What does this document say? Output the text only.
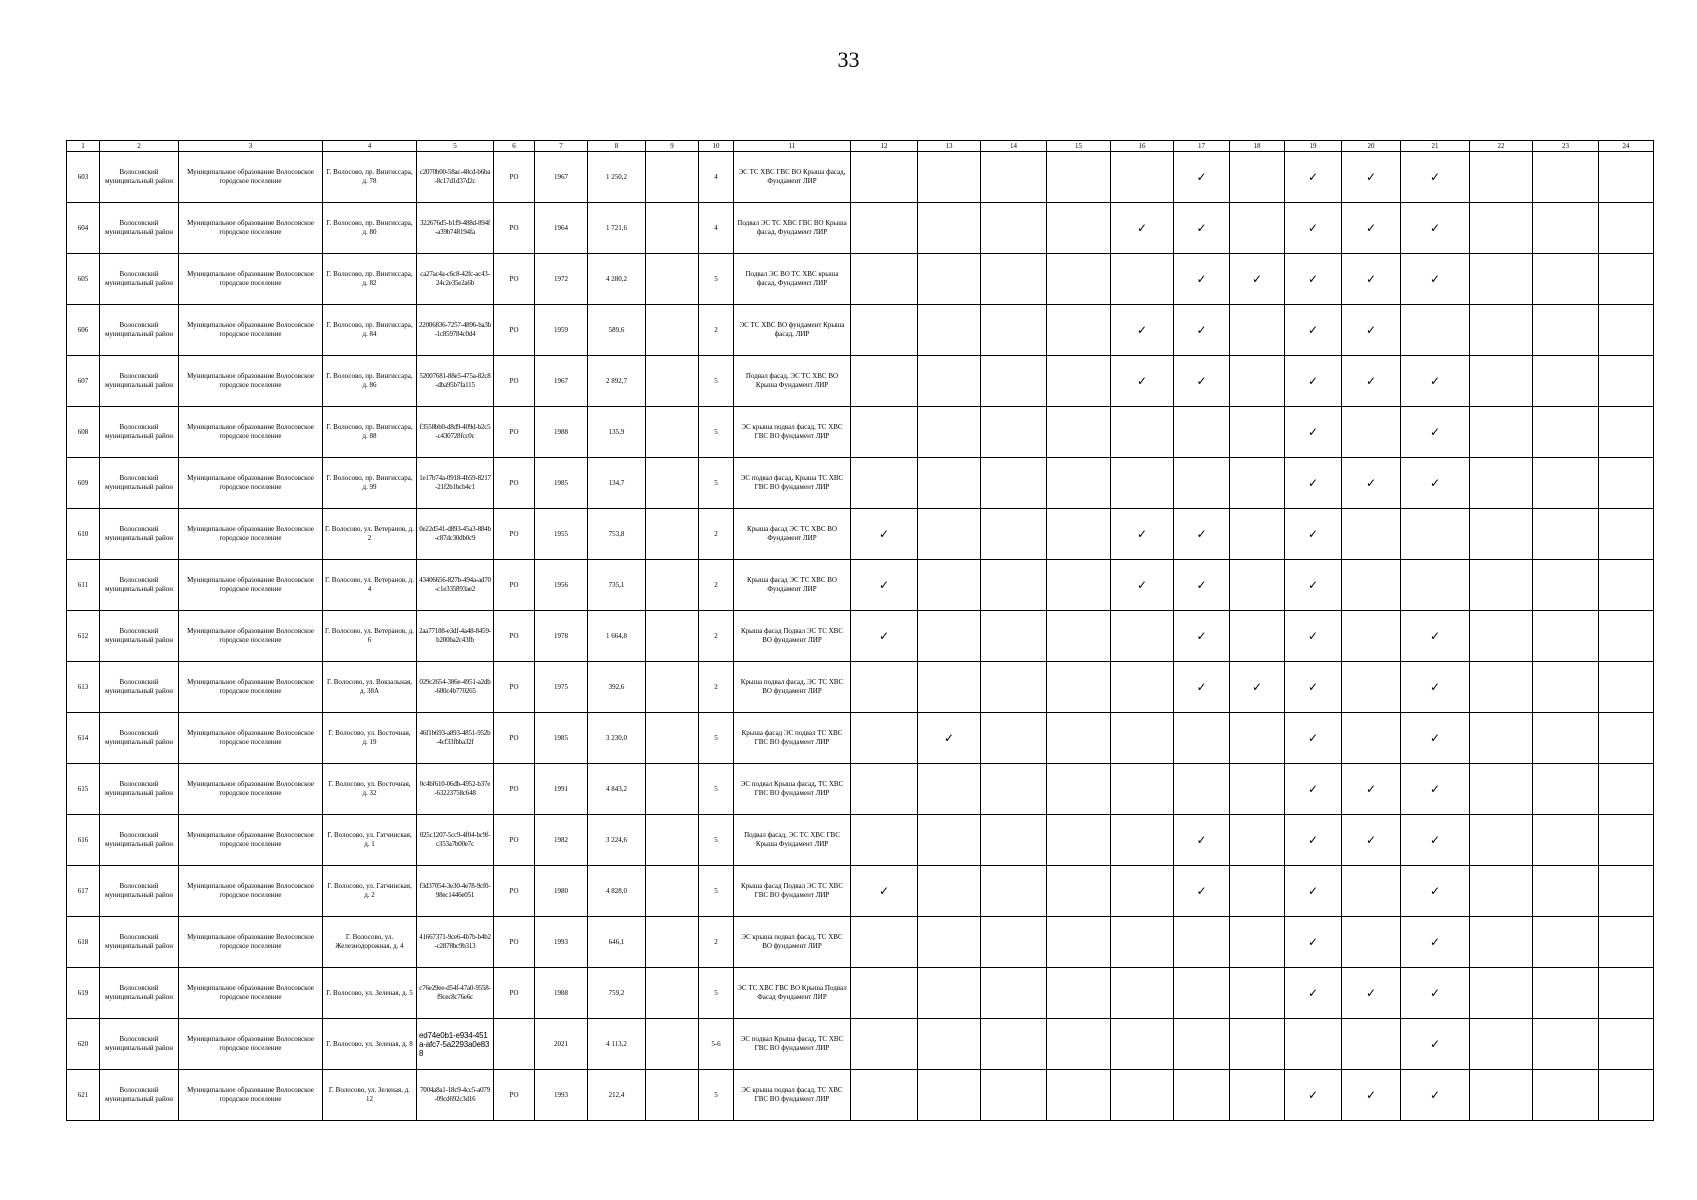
33
1	2	3	4	5	6	7	8	9	10	11	12	13	14	15	16	17	18	19	20	21	22	23	24
603	Волосовский муниципальный район	Муниципальное образование Волосовское городское поселение	Г. Волосово, пр. Вингиссара, д. 78	c2070b00-58ac-48cd-b6ba-8c17d1d37d2c	РО	1967	1 250,2		4	ЭС ТС ХВС ГВС ВО Крыша фасад, Фундамент ЛИР						✓		✓	✓	✓			
604	Волосовский муниципальный район	Муниципальное образование Волосовское городское поселение	Г. Волосово, пр. Вингиссара, д. 80	322676d5-b1f9-488d-894f-a39b748194fa	РО	1964	1 721,6		4	Подвал ЭС ТС ХВС ГВС ВО Крыша фасад, Фундамент ЛИР					✓	✓		✓	✓	✓			
605	Волосовский муниципальный район	Муниципальное образование Волосовское городское поселение	Г. Волосово, пр. Вингиссара, д. 82	ca27ac4a-c6c8-42fc-ac43-24c2e35e2a6b	РО	1972	4 280,2		5	Подвал ЭС ВО ТС ХВС крыша фасад, Фундамент ЛИР						✓	✓	✓	✓	✓			
606	Волосовский муниципальный район	Муниципальное образование Волосовское городское поселение	Г. Волосово, пр. Вингиссара, д. 84	22006836-7257-4896-ba3b-1c859784c0d4	РО	1959	589,6		2	ЭС ТС ХВС ВО фундамент Крыша фасад, ЛИР					✓	✓		✓	✓				
607	Волосовский муниципальный район	Муниципальное образование Волосовское городское поселение	Г. Волосово, пр. Вингиссара, д. 86	52007681-88e5-475a-82c8-dba95b7fa115	РО	1967	2 892,7		5	Подвал фасад, ЭС ТС ХВС ВО Крыша Фундамент ЛИР					✓	✓		✓	✓	✓			
608	Волосовский муниципальный район	Муниципальное образование Волосовское городское поселение	Г. Волосово, пр. Вингиссара, д. 88	f3558bb0-d8d9-409d-b2c5-c430728fcc0c	РО	1988	135,9		5	ЭС крыша подвал фасад, ТС ХВС ГВС ВО фундамент ЛИР								✓		✓			
609	Волосовский муниципальный район	Муниципальное образование Волосовское городское поселение	Г. Волосово, пр. Вингиссара, д. 99	1e17b74a-0918-4b59-8217-21f2b1bcb4c1	РО	1985	134,7		5	ЭС подвал фасад, Крыша ТС ХВС ГВС ВО фундамент ЛИР								✓	✓	✓			
610	Волосовский муниципальный район	Муниципальное образование Волосовское городское поселение	Г. Волосово, ул. Ветеранов, д. 2	0e22d541-d893-45a3-884b-c87dc30db0c9	РО	1955	753,8		2	Крыша фасад ЭС ТС ХВС ВО Фундамент ЛИР	✓				✓	✓		✓					
611	Волосовский муниципальный район	Муниципальное образование Волосовское городское поселение	Г. Волосово, ул. Ветеранов, д. 4	43406656-827b-494a-ad70-c1e335893ae2	РО	1956	735,1		2	Крыша фасад ЭС ТС ХВС ВО Фундамент ЛИР	✓				✓	✓		✓					
612	Волосовский муниципальный район	Муниципальное образование Волосовское городское поселение	Г. Волосово, ул. Ветеранов, д. 6	2aa77188-e3df-4a48-8459-b200ba2c43fb	РО	1978	1 664,8		2	Крыша фасад Подвал ЭС ТС ХВС ВО фундамент ЛИР	✓					✓		✓		✓			
613	Волосовский муниципальный район	Муниципальное образование Волосовское городское поселение	Г. Волосово, ул. Вокзальная, д. 38А	029c2654-386e-4951-a2db-600c4b770265	РО	1975	392,6		2	Крыша подвал фасад, ЭС ТС ХВС ВО фундамент ЛИР						✓	✓	✓		✓			
614	Волосовский муниципальный район	Муниципальное образование Волосовское городское поселение	Г. Волосово, ул. Восточная, д. 19	46f1b693-a893-4851-952b-4cf33fbba32f	РО	1985	3 230,0		5	Крыша фасад ЭС подвал ТС ХВС ГВС ВО фундамент ЛИР		✓						✓		✓			
615	Волосовский муниципальный район	Муниципальное образование Волосовское городское поселение	Г. Волосово, ул. Восточная, д. 32	0c4bf610-06db-4952-b37e-63223758c648	РО	1991	4 843,2		5	ЭС подвал Крыша фасад, ТС ХВС ГВС ВО фундамент ЛИР								✓	✓	✓			
616	Волосовский муниципальный район	Муниципальное образование Волосовское городское поселение	Г. Волосово, ул. Гатчинская, д. 1	025c1207-5cc9-4f04-bc9f-c353a7b00e7c	РО	1982	3 224,6		5	Подвал фасад, ЭС ТС ХВС ГВС Крыша Фундамент ЛИР						✓		✓	✓	✓			
617	Волосовский муниципальный район	Муниципальное образование Волосовское городское поселение	Г. Волосово, ул. Гатчинская, д. 2	f3d37054-3e30-4e78-9cf0-98ec1446e051	РО	1980	4 828,0		5	Крыша фасад Подвал ЭС ТС ХВС ГВС ВО фундамент ЛИР	✓					✓		✓		✓			
618	Волосовский муниципальный район	Муниципальное образование Волосовское городское поселение	Г. Волосово, ул. Железнодорожная, д. 4	41667371-9ce6-4b7b-b4b2-c2878bc9b313	РО	1993	646,1		2	ЭС крыша подвал фасад, ТС ХВС ВО фундамент ЛИР								✓		✓			
619	Волосовский муниципальный район	Муниципальное образование Волосовское городское поселение	Г. Волосово, ул. Зеленая, д. 5	c76e29ee-d54f-47a0-9558-f9cec8c76e6c	РО	1988	759,2		5	ЭС ТС ХВС ГВС ВО Крыша Подвал Фасад Фундамент ЛИР								✓	✓	✓			
620	Волосовский муниципальный район	Муниципальное образование Волосовское городское поселение	Г. Волосово, ул. Зеленая, д. 8	ed74e0b1-e934-451a-afc7-5a2293a0e838		2021	4 113,2		5-6	ЭС подвал Крыша фасад, ТС ХВС ГВС ВО фундамент ЛИР										✓			
621	Волосовский муниципальный район	Муниципальное образование Волосовское городское поселение	Г. Волосово, ул. Зеленая, д. 12	7004a8a1-18c9-4cc5-a079-09cd692c3d16	РО	1993	212,4		5	ЭС крыша подвал фасад, ТС ХВС ГВС ВО фундамент ЛИР								✓	✓	✓			
